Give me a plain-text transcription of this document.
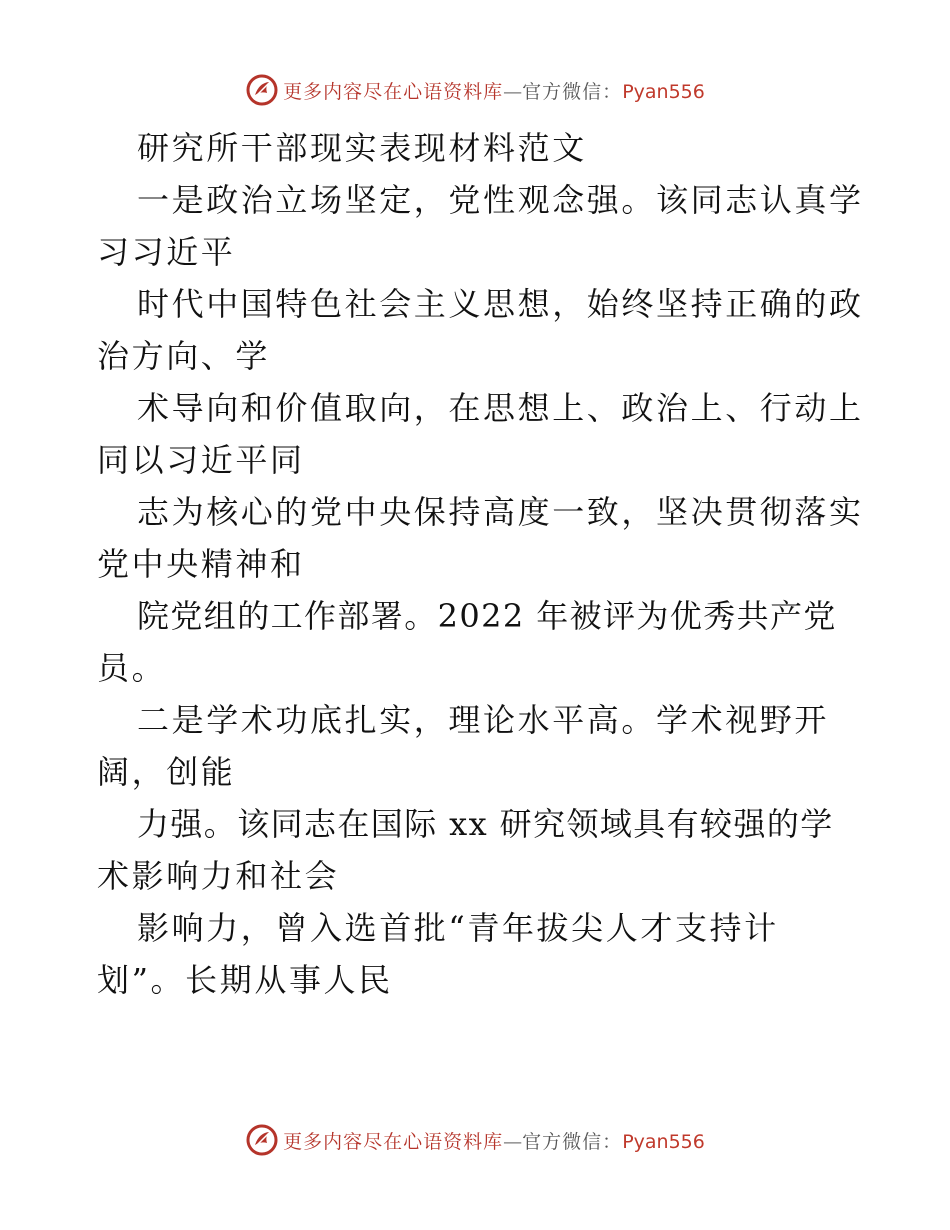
更多内容尽在心语资料库—官方微信：Pyan556

研究所干部现实表现材料范文

一是政治立场坚定，党性观念强。该同志认真学

习习近平

时代中国特色社会主义思想，始终坚持正确的政

治方向、学

术导向和价值取向，在思想上、政治上、行动上

同以习近平同

志为核心的党中央保持高度一致，坚决贯彻落实

党中央精神和

院党组的工作部署。2022 年被评为优秀共产党

员。

二是学术功底扎实，理论水平高。学术视野开

阔，创能

力强。该同志在国际 xx 研究领域具有较强的学

术影响力和社会

影响力，曾入选首批“青年拔尖人才支持计

划”。长期从事人民

更多内容尽在心语资料库—官方微信：Pyan556
